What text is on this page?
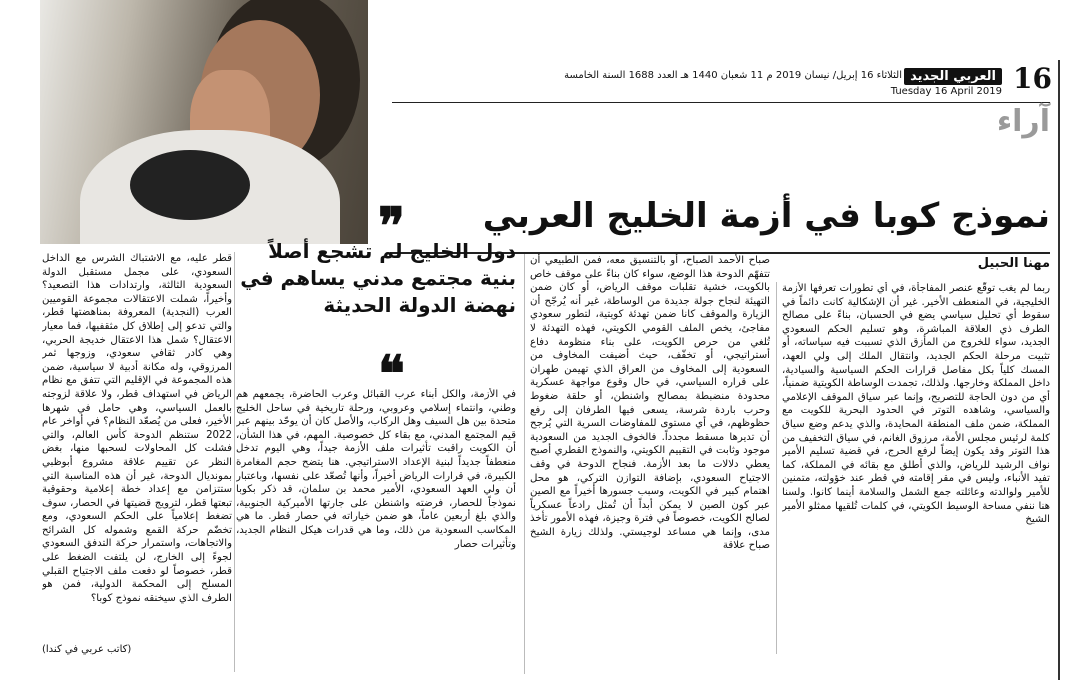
16
العربي الجديد
الثلاثاء 16 إبريل/ نيسان 2019 م 11 شعبان 1440 هـ العدد 1688 السنة الخامسة
Tuesday 16 April 2019
آراء
نموذج كوبا في أزمة الخليج العربي
مهنا الحبيل
ربما لم يغب توقّع عنصر المفاجأة، في أي تطورات تعرفها الأزمة الخليجية، في المنعطف الأخير. غير أن الإشكالية كانت دائماً في سقوط أي تحليل سياسي يضع في الحسبان، بناءً على مصالح الطرف ذي العلاقة المباشرة، وهو تسليم الحكم السعودي الجديد، سواء للخروج من المأزق الذي تسببت فيه سياساته، أو تثبيت مرحلة الحكم الجديد، وانتقال الملك إلى ولي العهد، المسك كلياً بكل مفاصل قرارات الحكم السياسية والسيادية، داخل المملكة وخارجها. ولذلك، تجمدت الوساطة الكويتية ضمنياً، أي من دون الحاجة للتصريح، وإنما عبر سياق الموقف الإعلامي والسياسي، وشاهده التوتر في الحدود البحرية للكويت مع المملكة، ضمن ملف المنطقة المحايدة، والذي يدعم وضع سياق كلمة لرئيس مجلس الأمة، مرزوق الغانم، في سياق التخفيف من هذا التوتر وقد يكون إيضاً لرفع الحرج، في قضية تسليم الأمير نواف الرشيد للرياض، والذي أطلق مع بقائه في المملكة، كما تفيد الأنباء، وليس في مقر إقامته في قطر عند خؤولته، متمنين للأمير ولوالدته وعائلته جمع الشمل والسلامة أينما كانوا. ولسنا هنا ننفي مساحة الوسيط الكويتي، في كلمات تُلقيها ممثلو الأمير الشيخ
صباح الأحمد الصباح، أو بالتنسيق معه، فمن الطبيعي أن تتفهّم الدوحة هذا الوضع، سواء كان بناءً على موقف خاص بالكويت، خشية تقلبات موقف الرياض، أو كان ضمن التهيئة لنجاح جولة جديدة من الوساطة، غير أنه يُرجّح أن الزيارة والموقف كانا ضمن تهدئة كويتية، لتطور سعودي مفاجئ، يخص الملف القومي الكويتي، فهذه التهدئة لا تُلغي من حرص الكويت، على بناء منظومة دفاع أستراتيجي، أو تخفّف، حيث أضيفت المخاوف من السعودية إلى المخاوف من العراق الذي تهيمن طهران على قراره السياسي، في حال وقوع مواجهة عسكرية محدودة منضبطة بمصالح واشنطن، أو حلقة ضغوط وحرب باردة شرسة، يسعى فيها الطرفان إلى رفع حظوظهم، في أي مستوى للمفاوضات السرية التي يُرجح أن تديرها مسقط مجدداً. فالخوف الجديد من السعودية موجود وثابت في التقييم الكويتي، والنموذج القطري أصبح يعطي دلالات ما بعد الأزمة. فنجاح الدوحة في وقف الاجتياح السعودي، بإضافة التوازن التركي، هو محل اهتمام كبير في الكويت، وسبب جسورها أخيراً مع الصين عبر كون الصين لا يمكن أبداً أن تُمثل رادعاً عسكرياً لصالح الكويت، خصوصاً في فترة وجيزة، فهذه الأمور تأخذ مدى، وإنما هي مساعد لوجيستي. ولذلك زيارة الشيخ صباح علاقة
❞
دول الخليج لم تشجع أصلاً بنية مجتمع مدني يساهم في نهضة الدولة الحديثة
❝
في الأزمة، والكل أبناء عرب القبائل وعرب الحاضرة، يجمعهم هم وطني، وانتماء إسلامي وعروبي، ورحلة تاريخية في ساحل الخليج متحدة بين هل السيف وهل الركاب، والأصل كان أن يوحّد بينهم عبر قيم المجتمع المدني، مع بقاء كل خصوصية. المهم، في هذا الشأن، أن الكويت راقبت تأثيرات ملف الأزمة جيداً، وهي اليوم تدخل منعطفاً جديداً لبنية الإعداد الاستراتيجي. هنا يتضح حجم المغامرة الكبيرة، في قرارات الرياض أخيراً، وأنها تُصعّد على نفسها، وباعتبار أن ولي العهد السعودي، الأمير محمد بن سلمان، قد ذكر بكوبا نموذجاً للحصار، فرضته واشنطن على جارتها الأميركية الجنوبية، والذي بلغ أربعين عاماً، هو ضمن خياراته في حصار قطر. ما هي المكاسب السعودية من ذلك، وما هي قدرات هيكل النظام الجديد، وتأثيرات حصار
قطر عليه، مع الاشتباك الشرس مع الداخل السعودي، على مجمل مستقبل الدولة السعودية الثالثة، وارتدادات هذا التصعيد؟ وأخيراً، شملت الاعتقالات مجموعة القوميين العرب (النجدية) المعروفة بمناهضتها قطر، والتي تدعو إلى إطلاق كل مثقفيها، فما معيار الاعتقال؟ شمل هذا الاعتقال خديجة الحربي، وهي كادر ثقافي سعودي، وزوجها ثمر المرزوقي، وله مكانة أدبية لا سياسية، ضمن هذه المجموعة في الإقليم التي تتفق مع نظام الرياض في استهداف قطر، ولا علاقة لزوجته بالعمل السياسي، وهي حامل في شهرها الأخير، فعلى من يُصعّد النظام؟ في أواخر عام 2022 ستنظم الدوحة كأس العالم، والتي فشلت كل المحاولات لسحبها منها، بغض النظر عن تقييم علاقة مشروع أبوظبي بمونديال الدوحة، غير أن هذه المناسبة التي ستتزامن مع إعداد خطة إعلامية وحقوقية تبعتها قطر، لترويج قضيتها في الحصار، سوف تضغط إعلامياً على الحكم السعودي، ومع تخضّم حركة القمع وشموله كل الشرائح والاتجاهات، واستمرار حركة التدفق السعودي لجوءً إلى الخارج، لن يلتفت الضغط على قطر، خصوصاً لو دفعت ملف الاجتياح القبلي المسلح إلى المحكمة الدولية، فمن هو الطرف الذي سيخنقه نموذج كوبا؟
(كاتب عربي في كندا)
